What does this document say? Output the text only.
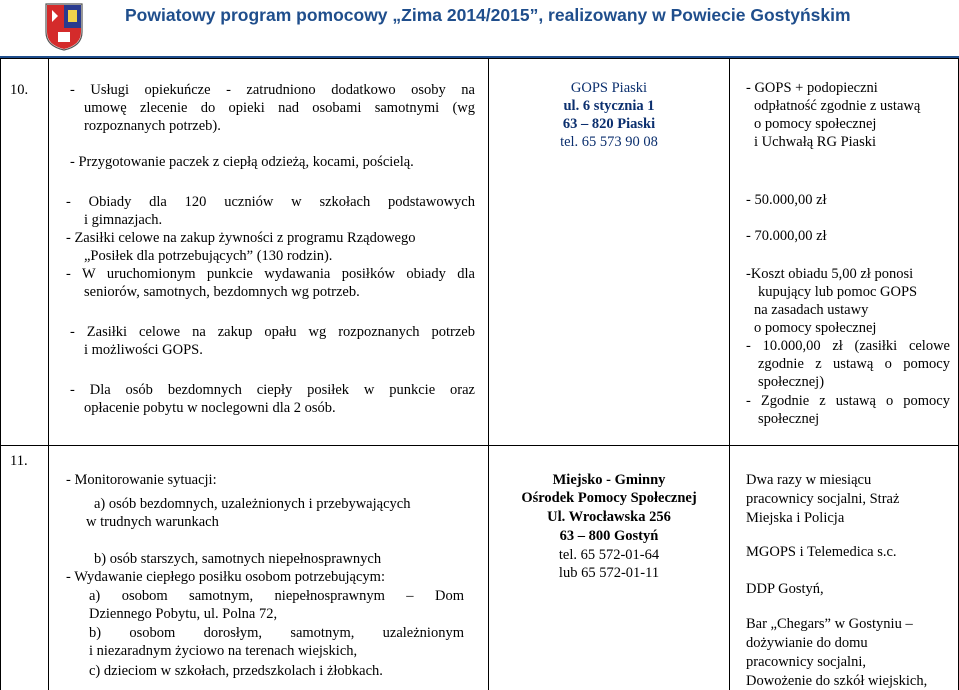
Powiatowy program pomocowy „Zima 2014/2015”, realizowany w Powiecie Gostyńskim
10.	- Usługi opiekuńcze - zatrudniono dodatkowo osoby na
umowę zlecenie do opieki nad osobami samotnymi (wg
rozpoznanych potrzeb).
- Przygotowanie paczek z ciepłą odzieżą, kocami, pościelą.
- Obiady dla 120 uczniów w szkołach podstawowych
i gimnazjach.
- Zasiłki celowe na zakup żywności z programu Rządowego
„Posiłek dla potrzebujących” (130 rodzin).
- W uruchomionym punkcie wydawania posiłków obiady dla
seniorów, samotnych, bezdomnych wg potrzeb.
- Zasiłki celowe na zakup opału wg rozpoznanych potrzeb
i możliwości GOPS.
- Dla osób bezdomnych ciepły posiłek w punkcie oraz
opłacenie pobytu w noclegowni dla 2 osób.
GOPS Piaski
ul. 6 stycznia 1
63 – 820 Piaski
tel. 65 573 90 08
- GOPS + podopieczni
odpłatność zgodnie z ustawą
o pomocy społecznej
i Uchwałą RG Piaski
- 50.000,00 zł
- 70.000,00 zł
-Koszt obiadu 5,00 zł ponosi
kupujący lub pomoc GOPS
na zasadach ustawy
o pomocy społecznej
- 10.000,00 zł (zasiłki celowe
zgodnie z ustawą o pomocy
społecznej)
- Zgodnie z ustawą o pomocy
społecznej
11.
- Monitorowanie sytuacji:
a) osób bezdomnych, uzależnionych i przebywających
w trudnych warunkach
b) osób starszych, samotnych niepełnosprawnych
- Wydawanie ciepłego posiłku osobom potrzebującym:
a) osobom samotnym, niepełnosprawnym – Dom
Dziennego Pobytu, ul. Polna 72,
b) osobom dorosłym, samotnym, uzależnionym
i niezaradnym życiowo na terenach wiejskich,
c) dzieciom w szkołach, przedszkolach i żłobkach.
Miejsko - Gminny
Ośrodek Pomocy Społecznej
Ul. Wrocławska 256
63 – 800 Gostyń
tel. 65 572-01-64
lub 65 572-01-11
Dwa razy w miesiącu
pracownicy socjalni, Straż
Miejska i Policja
MGOPS i Telemedica s.c.
DDP Gostyń,
Bar „Chegars” w Gostyniu –
dożywianie do domu
pracownicy socjalni,
Dowożenie do szkół wiejskich,
